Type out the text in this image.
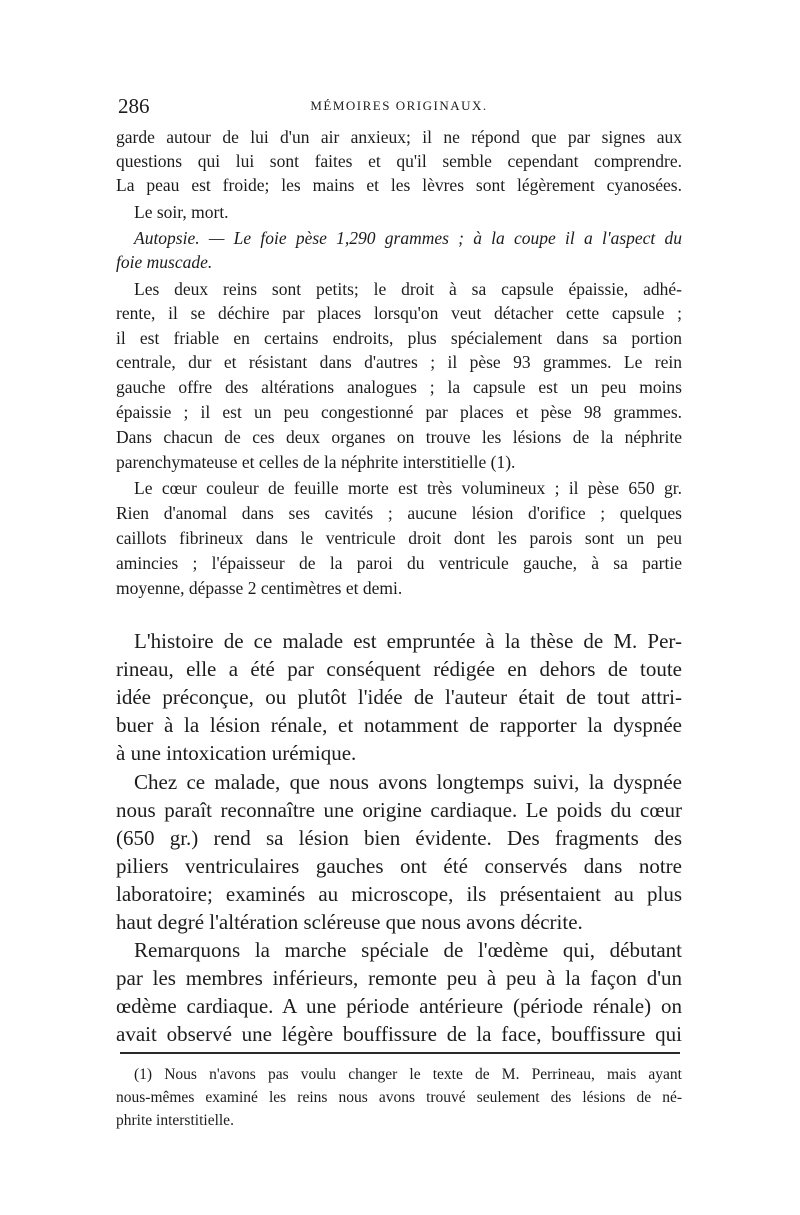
286	MÉMOIRES ORIGINAUX.
garde autour de lui d'un air anxieux; il ne répond que par signes aux
questions qui lui sont faites et qu'il semble cependant comprendre.
La peau est froide; les mains et les lèvres sont légèrement cyanosées.
Le soir, mort.
Autopsie. — Le foie pèse 1,290 grammes ; à la coupe il a l'aspect du
foie muscade.
Les deux reins sont petits; le droit à sa capsule épaissie, adhé-
rente, il se déchire par places lorsqu'on veut détacher cette capsule ;
il est friable en certains endroits, plus spécialement dans sa portion
centrale, dur et résistant dans d'autres ; il pèse 93 grammes. Le rein
gauche offre des altérations analogues ; la capsule est un peu moins
épaissie ; il est un peu congestionné par places et pèse 98 grammes.
Dans chacun de ces deux organes on trouve les lésions de la néphrite
parenchymateuse et celles de la néphrite interstitielle (1).
Le cœur couleur de feuille morte est très volumineux ; il pèse 650 gr.
Rien d'anomal dans ses cavités ; aucune lésion d'orifice ; quelques
caillots fibrineux dans le ventricule droit dont les parois sont un peu
amincies ; l'épaisseur de la paroi du ventricule gauche, à sa partie
moyenne, dépasse 2 centimètres et demi.
L'histoire de ce malade est empruntée à la thèse de M. Per-
rineau, elle a été par conséquent rédigée en dehors de toute
idée préconçue, ou plutôt l'idée de l'auteur était de tout attri-
buer à la lésion rénale, et notamment de rapporter la dyspnée
à une intoxication urémique.
Chez ce malade, que nous avons longtemps suivi, la dyspnée
nous paraît reconnaître une origine cardiaque. Le poids du cœur
(650 gr.) rend sa lésion bien évidente. Des fragments des
piliers ventriculaires gauches ont été conservés dans notre
laboratoire; examinés au microscope, ils présentaient au plus
haut degré l'altération scléreuse que nous avons décrite.
Remarquons la marche spéciale de l'œdème qui, débutant
par les membres inférieurs, remonte peu à peu à la façon d'un
œdème cardiaque. A une période antérieure (période rénale) on
avait observé une légère bouffissure de la face, bouffissure qui
(1) Nous n'avons pas voulu changer le texte de M. Perrineau, mais ayant
nous-mêmes examiné les reins nous avons trouvé seulement des lésions de né-
phrite interstitielle.
